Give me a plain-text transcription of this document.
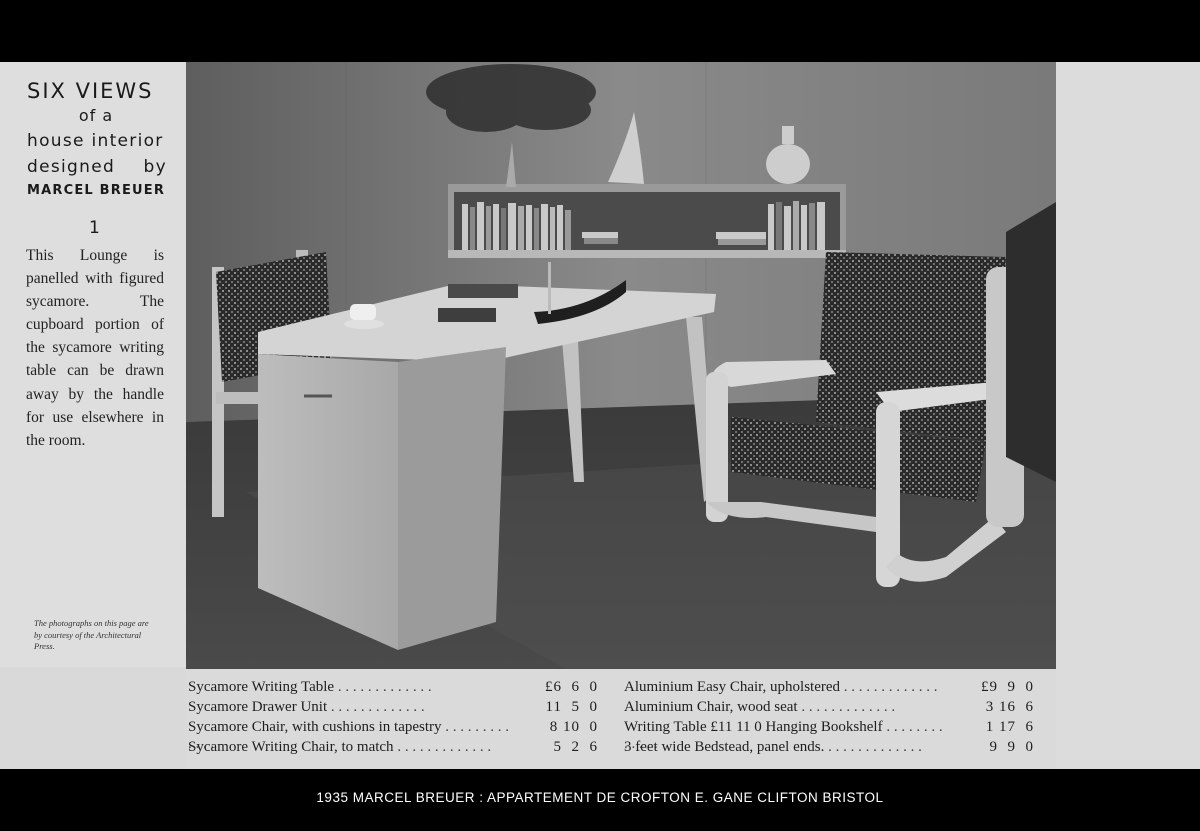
SIX VIEWS
of a
house interior
designed by
MARCEL BREUER
1
This Lounge is panelled with figured sycamore. The cupboard portion of the sycamore writing table can be drawn away by the handle for use elsewhere in the room.
The photographs on this page are by courtesy of the Architectural Press.
Sycamore Writing Table . .	£6  6  0
Sycamore Drawer Unit . .	11  5  0
Sycamore Chair, with cushions in tapestry . .	8 10  0
Sycamore Writing Chair, to match . .	5  2  6
Aluminium Easy Chair, upholstered . .	£9  9  0
Aluminium Chair, wood seat . .	3 16  6
Writing Table £11 11 0 Hanging Bookshelf . .	1 17  6
3 feet wide Bedstead, panel ends. . .	9  9  0
1935 MARCEL BREUER : APPARTEMENT DE CROFTON E. GANE CLIFTON BRISTOL
